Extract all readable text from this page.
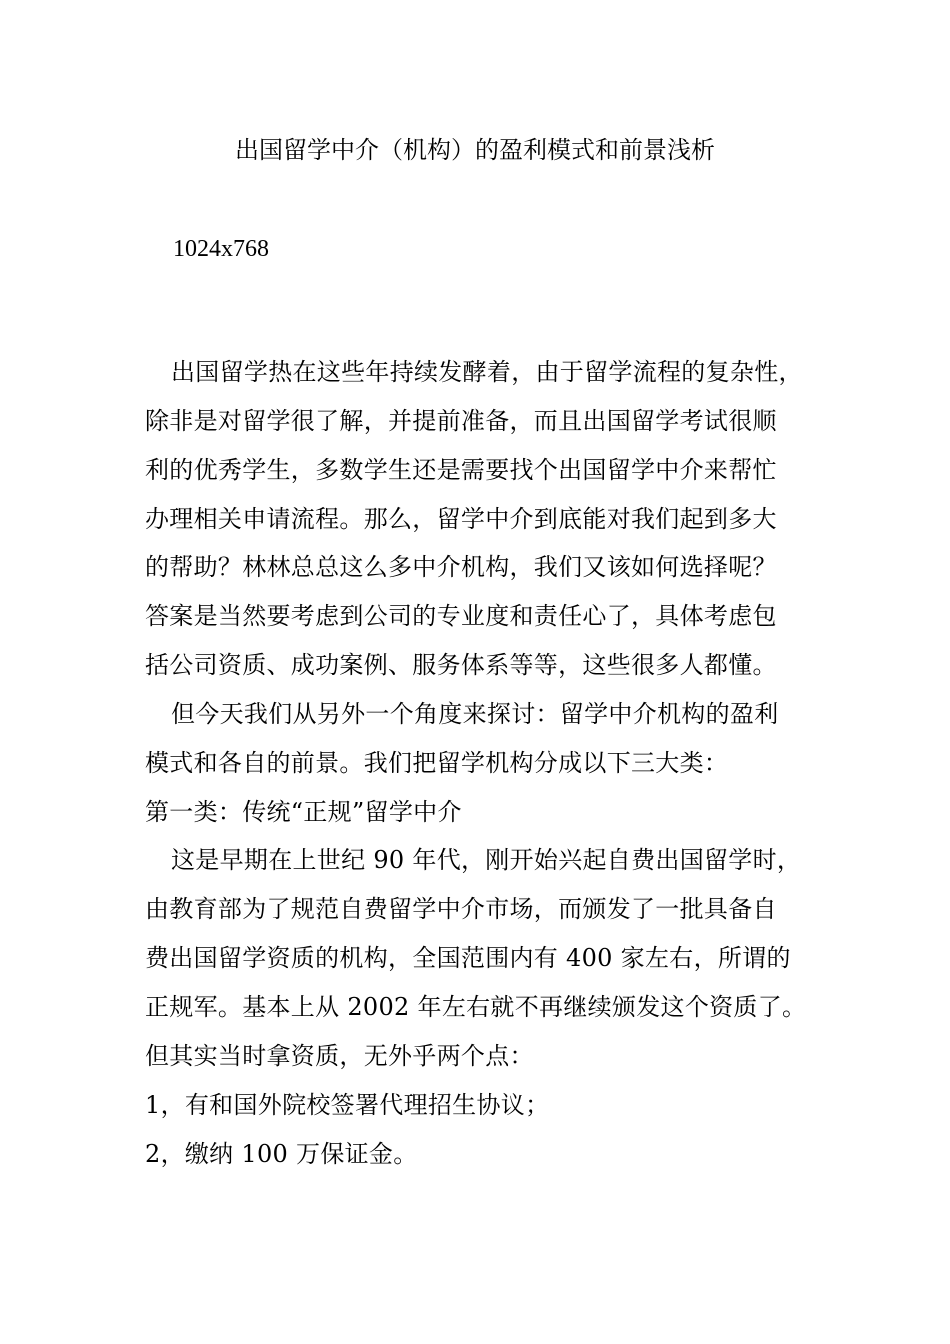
出国留学中介（机构）的盈利模式和前景浅析
1024x768
出国留学热在这些年持续发酵着，由于留学流程的复杂性，
除非是对留学很了解，并提前准备，而且出国留学考试很顺
利的优秀学生，多数学生还是需要找个出国留学中介来帮忙
办理相关申请流程。那么，留学中介到底能对我们起到多大
的帮助？林林总总这么多中介机构，我们又该如何选择呢？
答案是当然要考虑到公司的专业度和责任心了，具体考虑包
括公司资质、成功案例、服务体系等等，这些很多人都懂。
但今天我们从另外一个角度来探讨：留学中介机构的盈利
模式和各自的前景。我们把留学机构分成以下三大类：
第一类：传统“正规”留学中介
这是早期在上世纪 90 年代，刚开始兴起自费出国留学时，
由教育部为了规范自费留学中介市场，而颁发了一批具备自
费出国留学资质的机构，全国范围内有 400 家左右，所谓的
正规军。基本上从 2002 年左右就不再继续颁发这个资质了。
但其实当时拿资质，无外乎两个点：
1，有和国外院校签署代理招生协议；
2，缴纳 100 万保证金。
